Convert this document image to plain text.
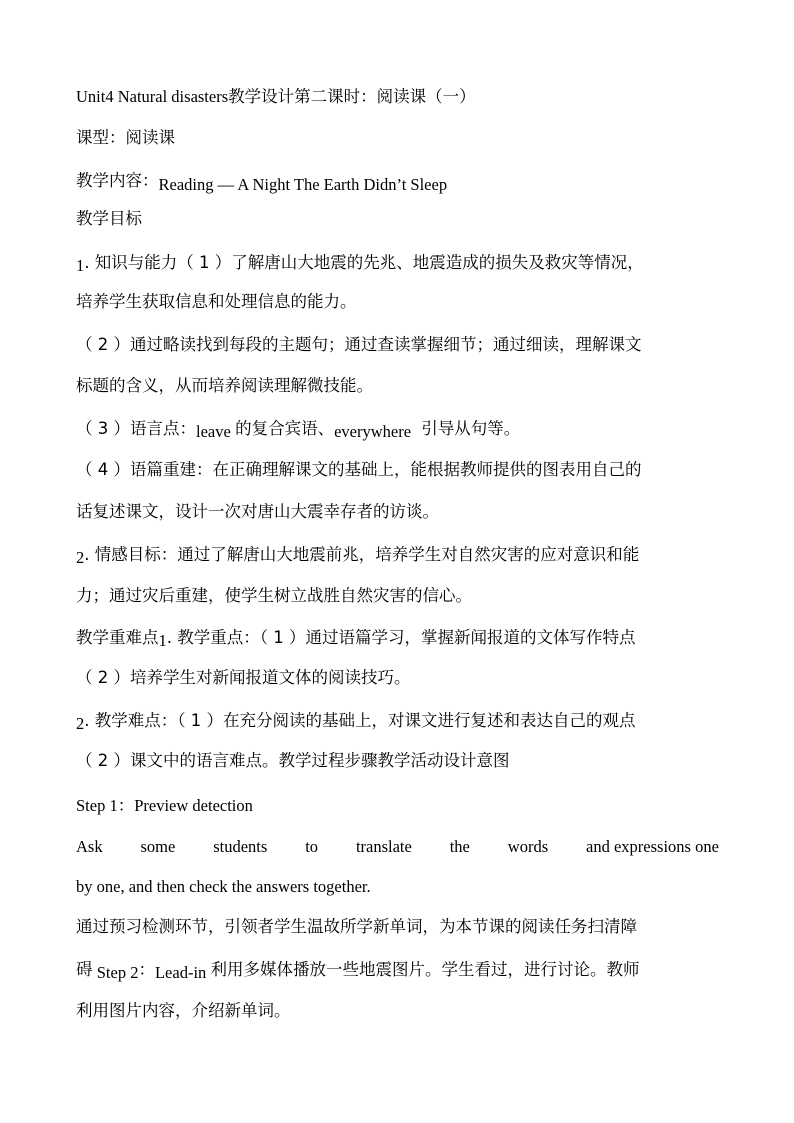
Unit4 Natural disasters教学设计第二课时：阅读课（一）
课型：阅读课
教学内容：Reading — A Night The Earth Didn’t Sleep
教学目标
1. 知识与能力（ 1 ）了解唐山大地震的先兆、地震造成的损失及救灾等情况，
培养学生获取信息和处理信息的能力。
（ 2 ）通过略读找到每段的主题句；通过查读掌握细节；通过细读，理解课文
标题的含义，从而培养阅读理解微技能。
（ 3 ）语言点：leave 的复合宾语、everywhere 引导从句等。
（ 4 ）语篇重建：在正确理解课文的基础上，能根据教师提供的图表用自己的
话复述课文，设计一次对唐山大震幸存者的访谈。
2. 情感目标：通过了解唐山大地震前兆，培养学生对自然灾害的应对意识和能
力；通过灾后重建，使学生树立战胜自然灾害的信心。
教学重难点1. 教学重点：（ 1 ）通过语篇学习，掌握新闻报道的文体写作特点
（ 2 ）培养学生对新闻报道文体的阅读技巧。
2. 教学难点：（ 1 ）在充分阅读的基础上，对课文进行复述和表达自己的观点
（ 2 ）课文中的语言难点。教学过程步骤教学活动设计意图
Step 1：Preview detection
Ask some students to translate the words and expressions one
by one, and then check the answers together.
通过预习检测环节，引领者学生温故所学新单词，为本节课的阅读任务扫清障
碍 Step 2：Lead-in 利用多媒体播放一些地震图片。学生看过，进行讨论。教师
利用图片内容，介绍新单词。
